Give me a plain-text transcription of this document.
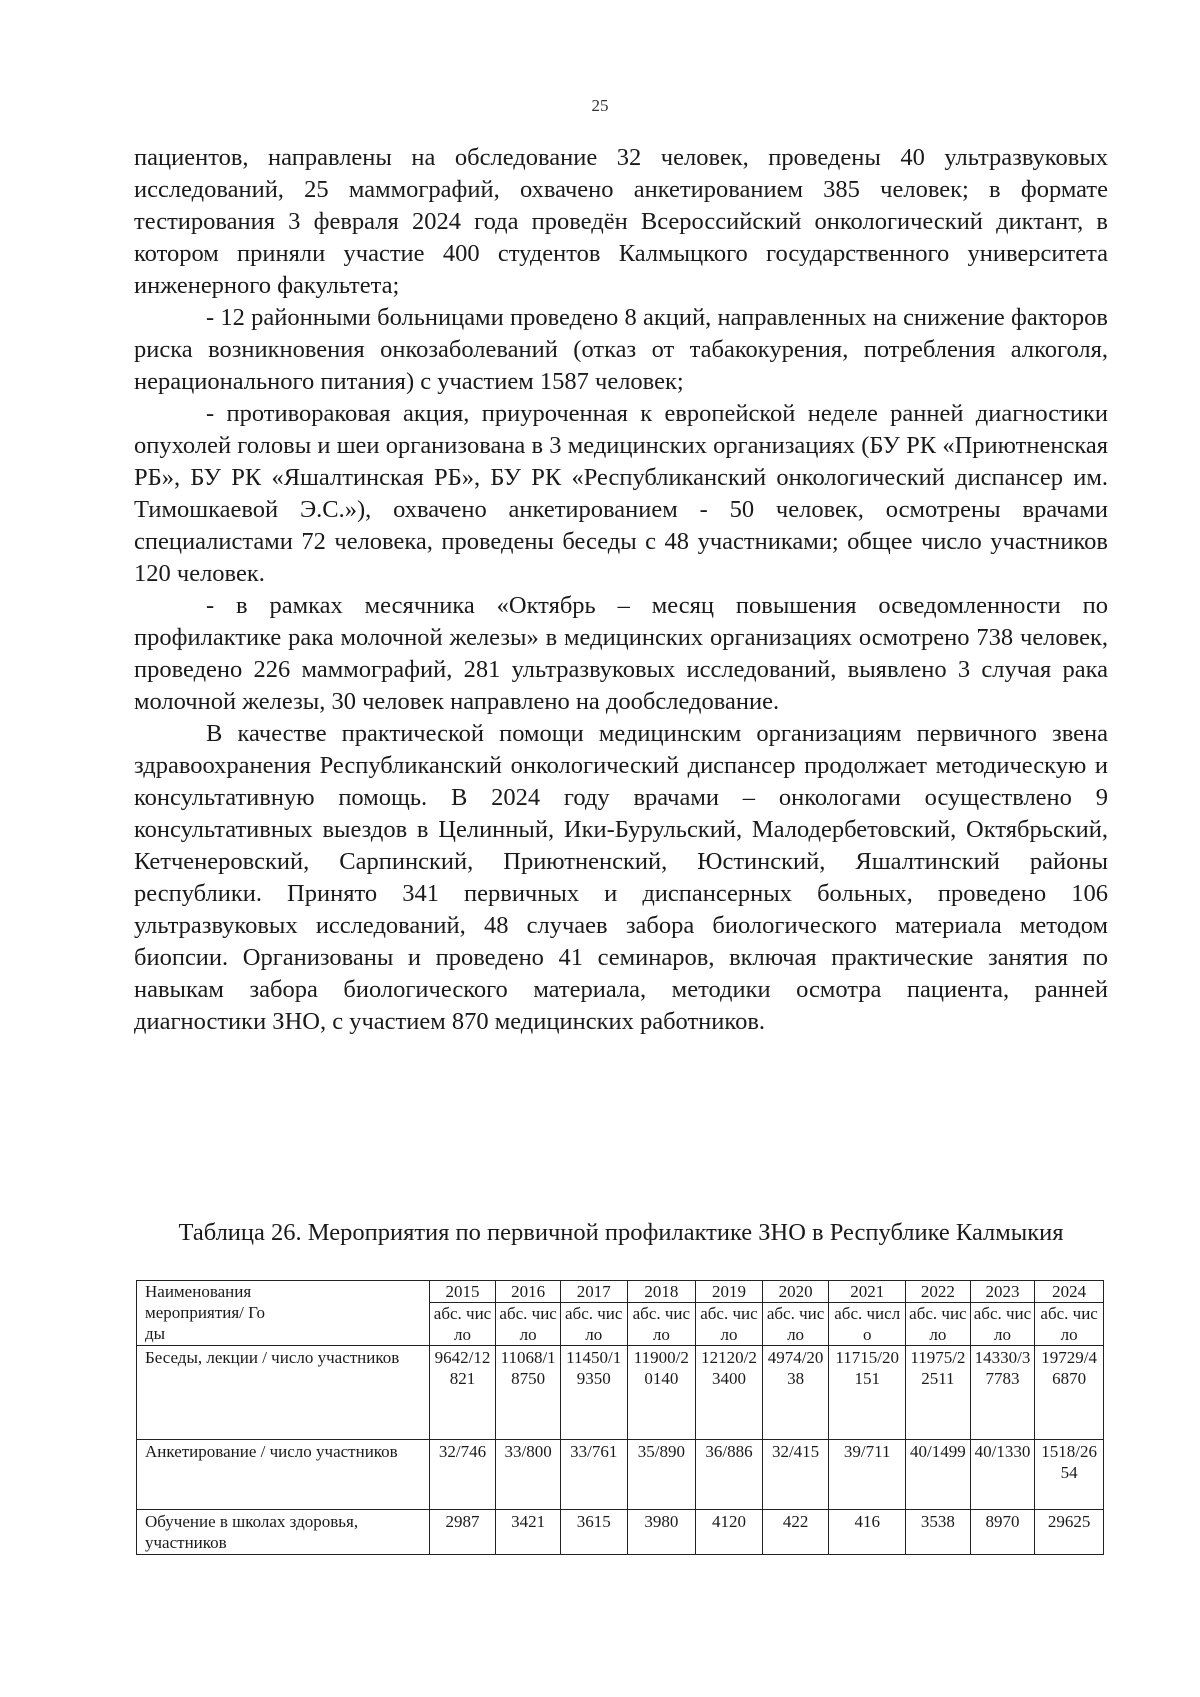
25

пациентов, направлены на обследование 32 человек, проведены 40 ультразвуковых исследований, 25 маммографий, охвачено анкетированием 385 человек; в формате тестирования 3 февраля 2024 года проведён Всероссийский онкологический диктант, в котором приняли участие 400 студентов Калмыцкого государственного университета инженерного факультета;

- 12 районными больницами проведено 8 акций, направленных на снижение факторов риска возникновения онкозаболеваний (отказ от табакокурения, потребления алкоголя, нерационального питания) с участием 1587 человек;

- противораковая акция, приуроченная к европейской неделе ранней диагностики опухолей головы и шеи организована в 3 медицинских организациях (БУ РК «Приютненская РБ», БУ РК «Яшалтинская РБ», БУ РК «Республиканский онкологический диспансер им. Тимошкаевой Э.С.»), охвачено анкетированием - 50 человек, осмотрены врачами специалистами 72 человека, проведены беседы с 48 участниками; общее число участников 120 человек.

- в рамках месячника «Октябрь – месяц повышения осведомленности по профилактике рака молочной железы» в медицинских организациях осмотрено 738 человек, проведено 226 маммографий, 281 ультразвуковых исследований, выявлено 3 случая рака молочной железы, 30 человек направлено на дообследование.

В качестве практической помощи медицинским организациям первичного звена здравоохранения Республиканский онкологический диспансер продолжает методическую и консультативную помощь. В 2024 году врачами – онкологами осуществлено 9 консультативных выездов в Целинный, Ики-Бурульский, Малодербетовский, Октябрьский, Кетченеровский, Сарпинский, Приютненский, Юстинский, Яшалтинский районы республики. Принято 341 первичных и диспансерных больных, проведено 106 ультразвуковых исследований, 48 случаев забора биологического материала методом биопсии. Организованы и проведено 41 семинаров, включая практические занятия по навыкам забора биологического материала, методики осмотра пациента, ранней диагностики ЗНО, с участием 870 медицинских работников.

Таблица 26. Мероприятия по первичной профилактике ЗНО в Республике Калмыкия
Наименования
мероприятия/ Годы	2015	2016	2017	2018	2019	2020	2021	2022	2023	2024
	абс. число	абс. число	абс. число	абс. число	абс. число	абс. число	абс. число	абс. число	абс. число	абс. число
Беседы, лекции / число участников	9642/12821	11068/18750	11450/19350	11900/20140	12120/23400	4974/2038	11715/20151	11975/22511	14330/37783	19729/46870
Анкетирование / число участников	32/746	33/800	33/761	35/890	36/886	32/415	39/711	40/1499	40/1330	1518/2654
Обучение в школах здоровья, участников	2987	3421	3615	3980	4120	422	416	3538	8970	29625
